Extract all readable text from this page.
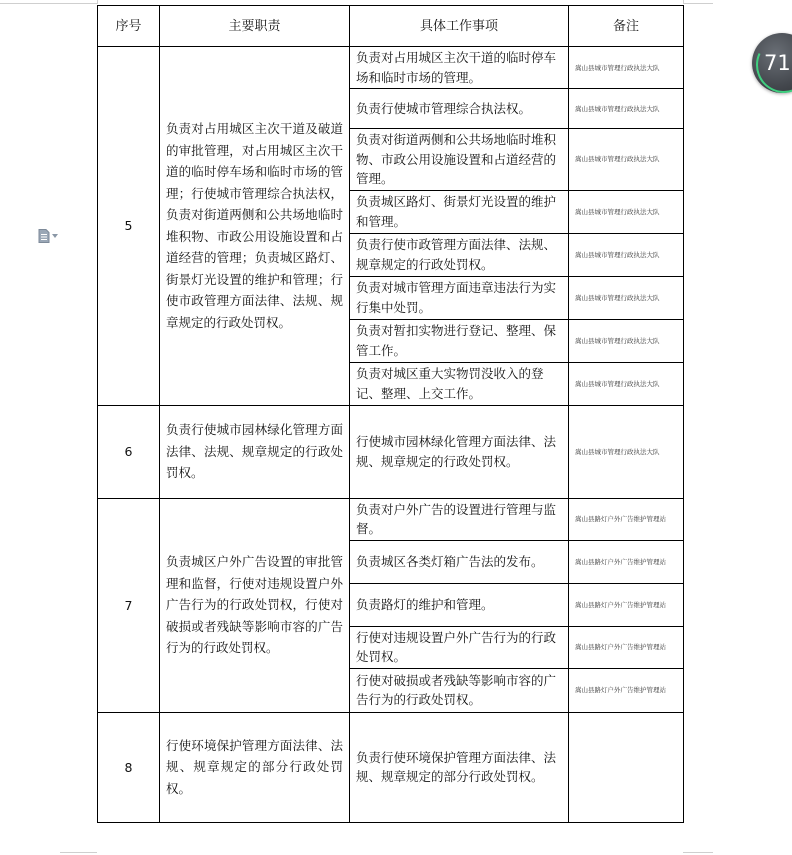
71
序号	主要职责	具体工作事项	备注
5	负责对占用城区主次干道及破道的审批管理，对占用城区主次干道的临时停车场和临时市场的管理；行使城市管理综合执法权，负责对街道两侧和公共场地临时堆积物、市政公用设施设置和占道经营的管理；负责城区路灯、街景灯光设置的维护和管理；行使市政管理方面法律、法规、规章规定的行政处罚权。	负责对占用城区主次干道的临时停车场和临时市场的管理。	嵩山县城市管理行政执法大队
		负责行使城市管理综合执法权。	嵩山县城市管理行政执法大队
		负责对街道两侧和公共场地临时堆积物、市政公用设施设置和占道经营的管理。	嵩山县城市管理行政执法大队
		负责城区路灯、街景灯光设置的维护和管理。	嵩山县城市管理行政执法大队
		负责行使市政管理方面法律、法规、规章规定的行政处罚权。	嵩山县城市管理行政执法大队
		负责对城市管理方面违章违法行为实行集中处罚。	嵩山县城市管理行政执法大队
		负责对暂扣实物进行登记、整理、保管工作。	嵩山县城市管理行政执法大队
		负责对城区重大实物罚没收入的登记、整理、上交工作。	嵩山县城市管理行政执法大队
6	负责行使城市园林绿化管理方面法律、法规、规章规定的行政处罚权。	行使城市园林绿化管理方面法律、法规、规章规定的行政处罚权。	嵩山县城市管理行政执法大队
7	负责城区户外广告设置的审批管理和监督，行使对违规设置户外广告行为的行政处罚权，行使对破损或者残缺等影响市容的广告行为的行政处罚权。	负责对户外广告的设置进行管理与监督。	嵩山县路灯户外广告维护管理站
		负责城区各类灯箱广告法的发布。	嵩山县路灯户外广告维护管理站
		负责路灯的维护和管理。	嵩山县路灯户外广告维护管理站
		行使对违规设置户外广告行为的行政处罚权。	嵩山县路灯户外广告维护管理站
		行使对破损或者残缺等影响市容的广告行为的行政处罚权。	嵩山县路灯户外广告维护管理站
8	行使环境保护管理方面法律、法规、规章规定的部分行政处罚权。	负责行使环境保护管理方面法律、法规、规章规定的部分行政处罚权。	
